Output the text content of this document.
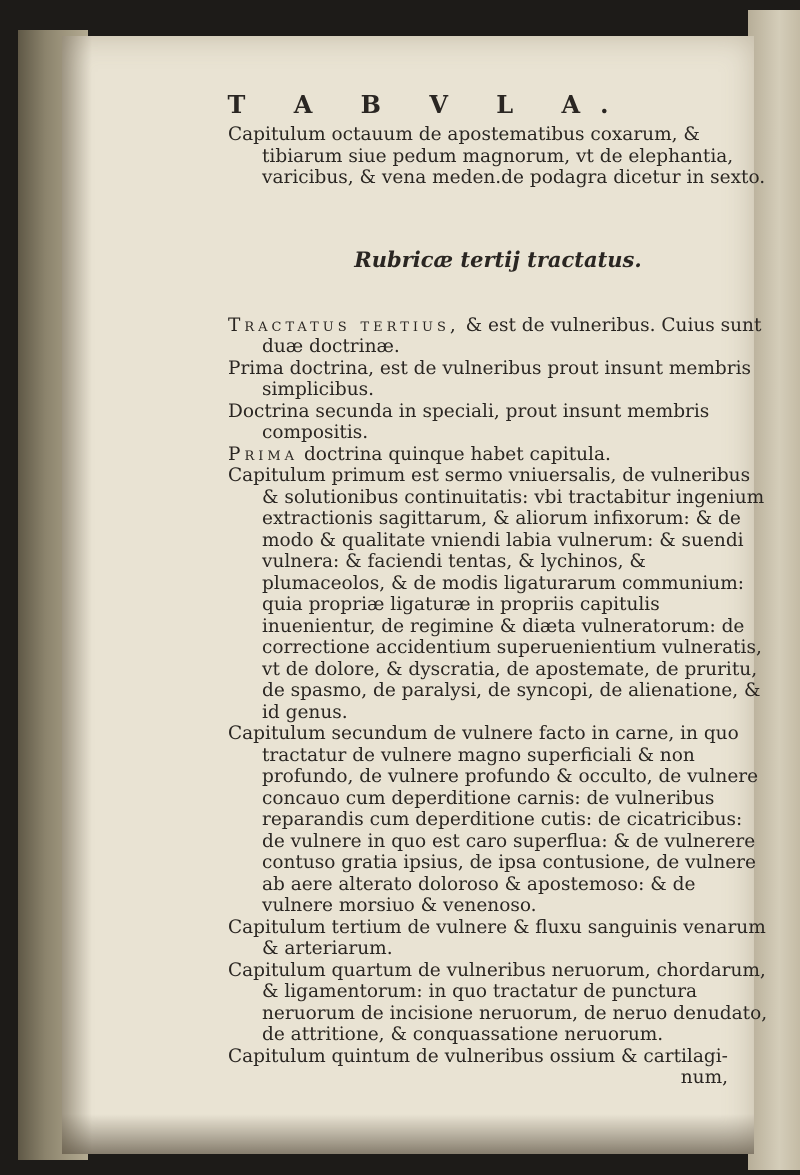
T A B V L A.

Capitulum octauum de apostematibus coxarum, & tibiarum siue pedum magnorum, vt de elephantia, varicibus, & vena meden.de podagra dicetur in sexto.

Rubricæ tertij tractatus.

Tractatus tertius, & est de vulneribus. Cuius sunt duæ doctrinæ.

Prima doctrina, est de vulneribus prout insunt membris simplicibus.

Doctrina secunda in speciali, prout insunt membris compositis.

Prima doctrina quinque habet capitula.

Capitulum primum est sermo vniuersalis, de vulneribus & solutionibus continuitatis: vbi tractabitur ingenium extractionis sagittarum, & aliorum infixorum: & de modo & qualitate vniendi labia vulnerum: & suendi vulnera: & faciendi tentas, & lychinos, & plumaceolos, & de modis ligaturarum communium: quia propriæ ligaturæ in propriis capitulis inuenientur, de regimine & diæta vulneratorum: de correctione accidentium superuenientium vulneratis, vt de dolore, & dyscratia, de apostemate, de pruritu, de spasmo, de paralysi, de syncopi, de alienatione, & id genus.

Capitulum secundum de vulnere facto in carne, in quo tractatur de vulnere magno superficiali & non profundo, de vulnere profundo & occulto, de vulnere concauo cum deperditione carnis: de vulneribus reparandis cum deperditione cutis: de cicatricibus: de vulnere in quo est caro superflua: & de vulnerere contuso gratia ipsius, de ipsa contusione, de vulnere ab aere alterato doloroso & apostemoso: & de vulnere morsiuo & venenoso.

Capitulum tertium de vulnere & fluxu sanguinis venarum & arteriarum.

Capitulum quartum de vulneribus neruorum, chordarum, & ligamentorum: in quo tractatur de punctura neruorum de incisione neruorum, de neruo denudato, de attritione, & conquassatione neruorum.

Capitulum quintum de vulneribus ossium & cartilagi-

num,
